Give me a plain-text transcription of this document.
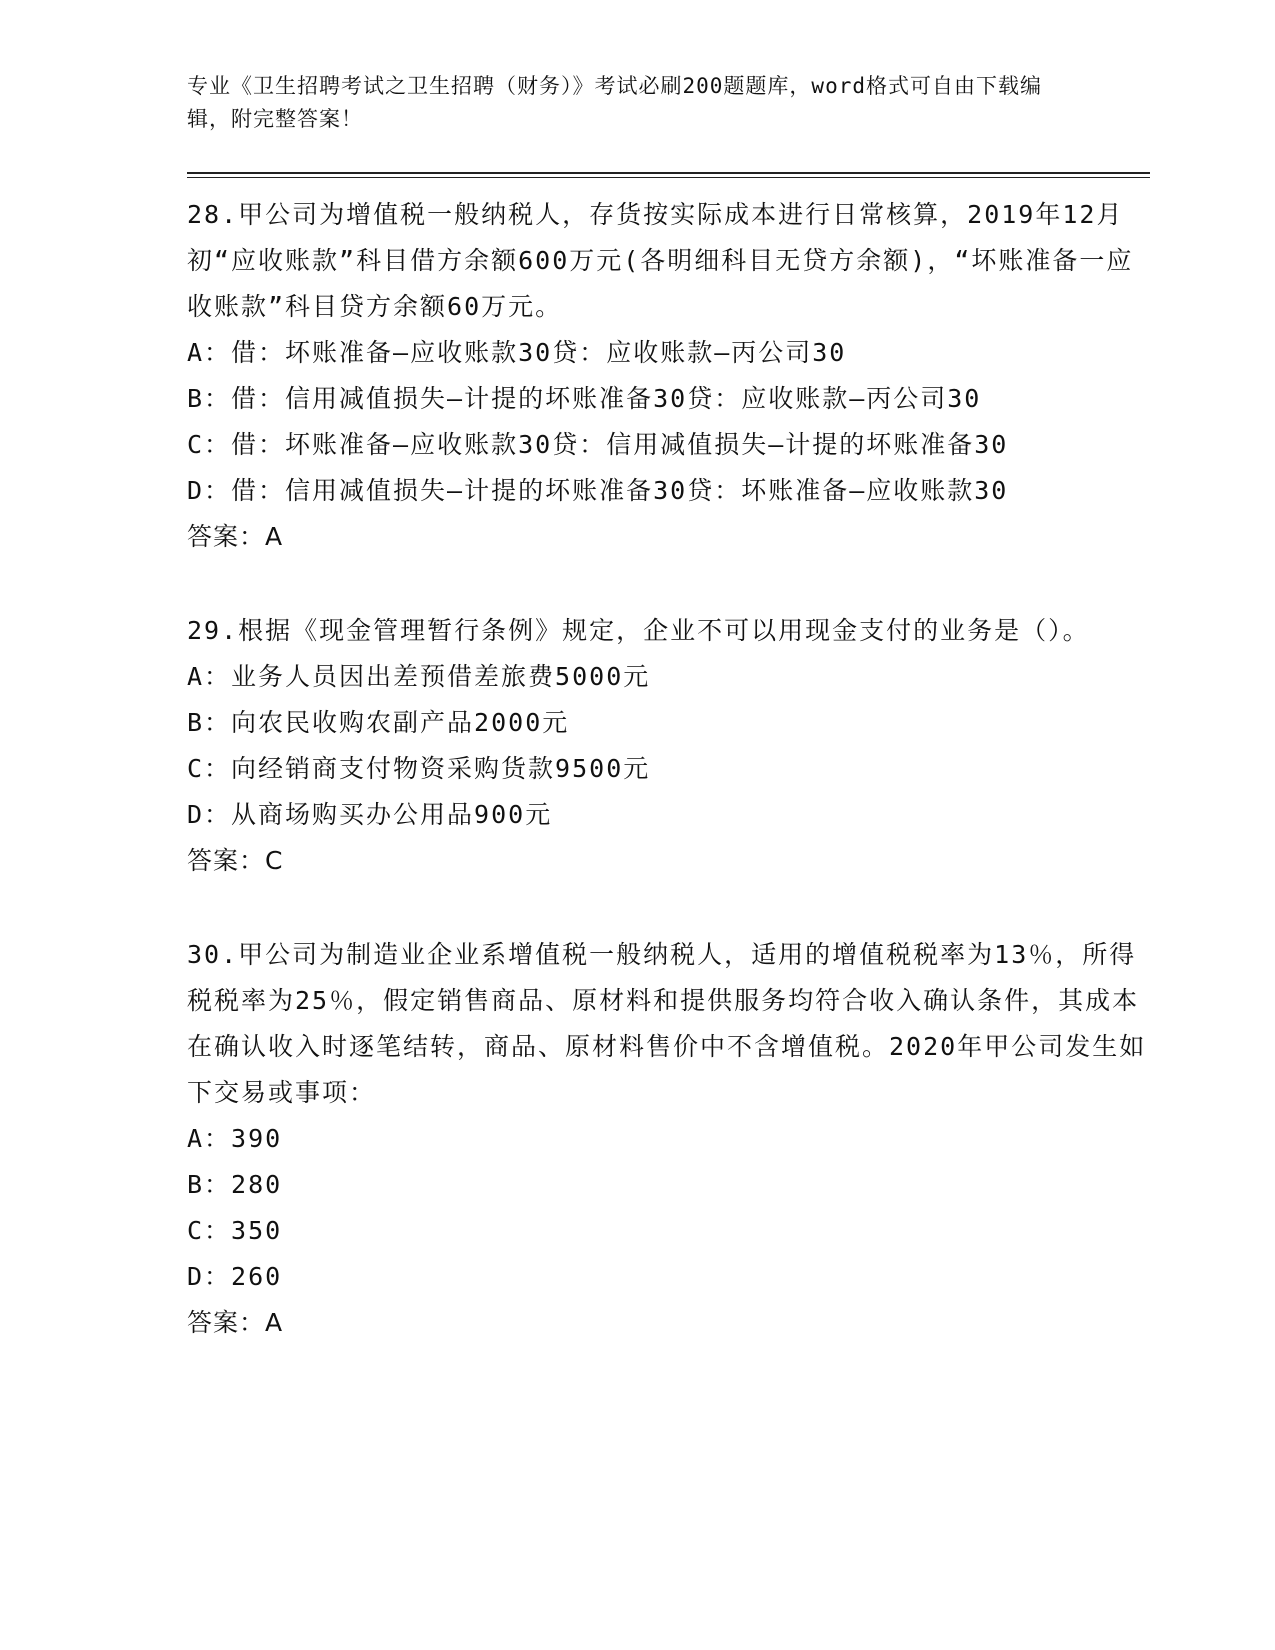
专业《卫生招聘考试之卫生招聘（财务）》考试必刷200题题库，word格式可自由下载编辑，附完整答案！

28.甲公司为增值税一般纳税人，存货按实际成本进行日常核算，2019年12月初“应收账款”科目借方余额600万元(各明细科目无贷方余额)，“坏账准备一应收账款”科目贷方余额60万元。

A：借：坏账准备—应收账款30贷：应收账款—丙公司30

B：借：信用减值损失—计提的坏账准备30贷：应收账款—丙公司30

C：借：坏账准备—应收账款30贷：信用减值损失—计提的坏账准备30

D：借：信用减值损失—计提的坏账准备30贷：坏账准备—应收账款30

答案：A

29.根据《现金管理暂行条例》规定，企业不可以用现金支付的业务是（）。

A：业务人员因出差预借差旅费5000元

B：向农民收购农副产品2000元

C：向经销商支付物资采购货款9500元

D：从商场购买办公用品900元

答案：C

30.甲公司为制造业企业系增值税一般纳税人，适用的增值税税率为13％，所得税税率为25％，假定销售商品、原材料和提供服务均符合收入确认条件，其成本在确认收入时逐笔结转，商品、原材料售价中不含增值税。2020年甲公司发生如下交易或事项：

A：390

B：280

C：350

D：260

答案：A
